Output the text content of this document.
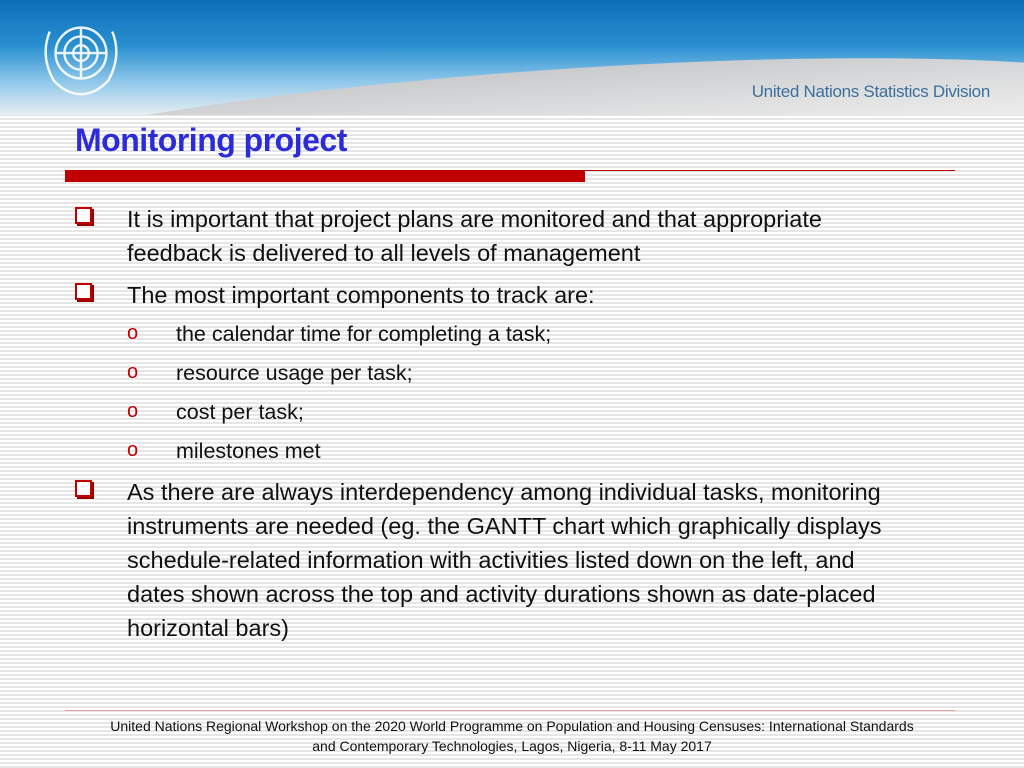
United Nations Statistics Division
Monitoring project
It is important that project plans are monitored and that appropriate
feedback is delivered to all levels of management
The most important components to track are:
o the calendar time for completing a task;
o resource usage per task;
o cost per task;
o milestones met
As there are always interdependency among individual tasks, monitoring
instruments are needed (eg. the GANTT chart which graphically displays
schedule-related information with activities listed down on the left, and
dates shown across the top and activity durations shown as date-placed
horizontal bars)
United Nations Regional Workshop on the 2020 World Programme on Population and Housing Censuses: International Standards
and Contemporary Technologies, Lagos, Nigeria, 8-11 May 2017
